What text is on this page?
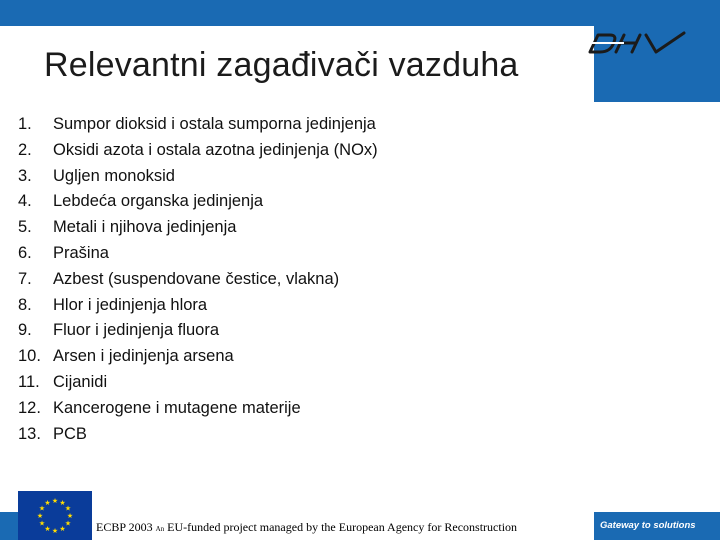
Relevantni zagađivači vazduha
1. Sumpor dioksid i ostala sumporna jedinjenja
2. Oksidi azota i ostala azotna jedinjenja (NOx)
3. Ugljen monoksid
4. Lebdeća organska jedinjenja
5. Metali i njihova jedinjenja
6. Prašina
7. Azbest (suspendovane čestice, vlakna)
8. Hlor i jedinjenja hlora
9. Fluor i jedinjenja fluora
10. Arsen i jedinjenja arsena
11. Cijanidi
12. Kancerogene i mutagene materije
13. PCB
★ ★
★
★
★
★
★
★
★
★
★
★
ECBP 2003 An EU-funded project managed by the European Agency for Reconstruction	Gateway to solutions
